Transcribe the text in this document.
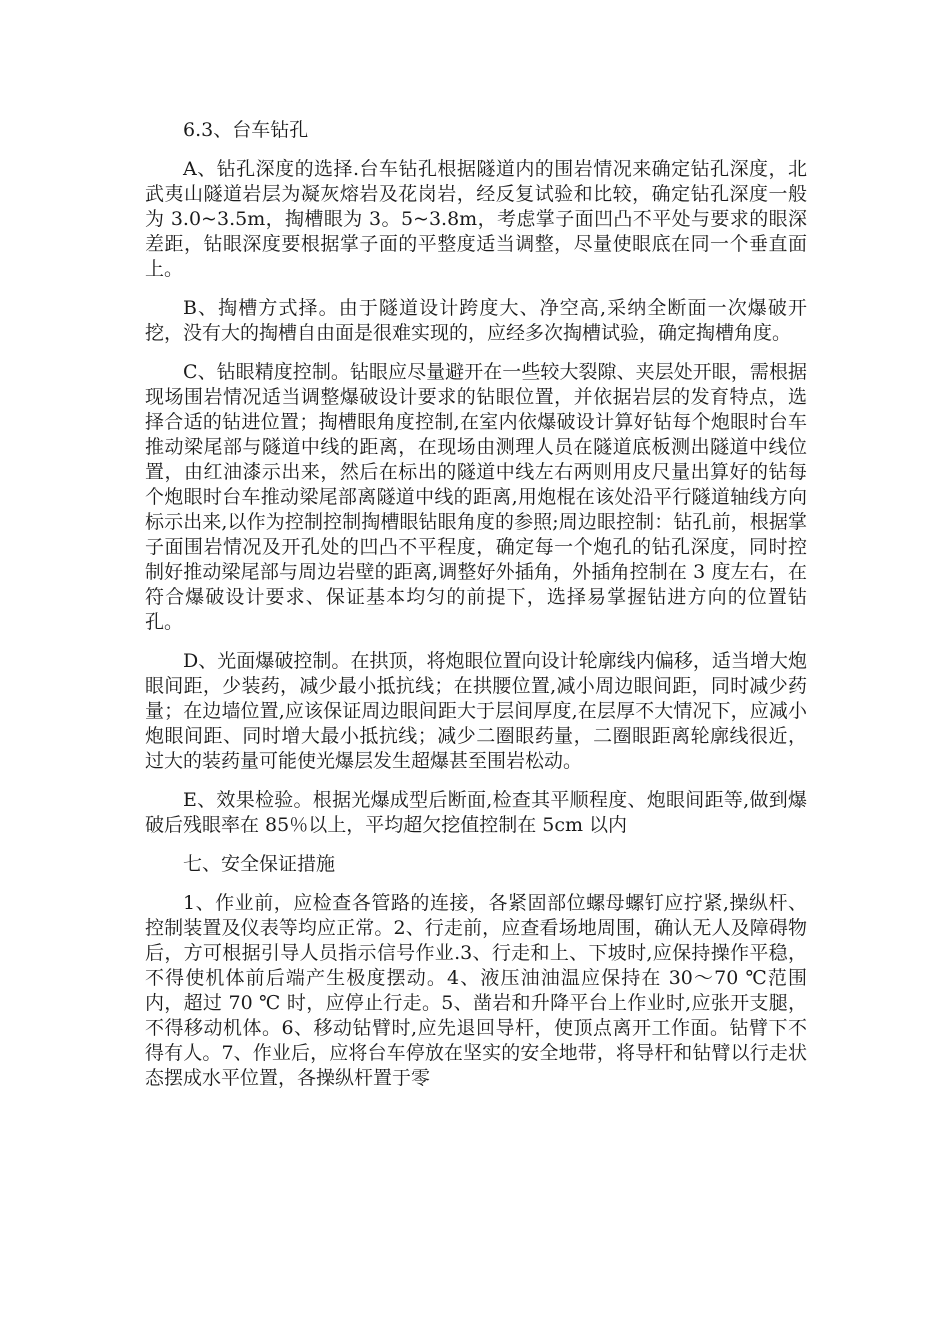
6.3、台车钻孔

A、钻孔深度的选择.台车钻孔根据隧道内的围岩情况来确定钻孔深度，北武夷山隧道岩层为凝灰熔岩及花岗岩，经反复试验和比较，确定钻孔深度一般为 3.0~3.5m，掏槽眼为 3。5~3.8m，考虑掌子面凹凸不平处与要求的眼深差距，钻眼深度要根据掌子面的平整度适当调整，尽量使眼底在同一个垂直面上。

B、掏槽方式择。由于隧道设计跨度大、净空高,采纳全断面一次爆破开挖，没有大的掏槽自由面是很难实现的，应经多次掏槽试验，确定掏槽角度。

C、钻眼精度控制。钻眼应尽量避开在一些较大裂隙、夹层处开眼，需根据现场围岩情况适当调整爆破设计要求的钻眼位置，并依据岩层的发育特点，选择合适的钻进位置；掏槽眼角度控制,在室内依爆破设计算好钻每个炮眼时台车推动梁尾部与隧道中线的距离，在现场由测理人员在隧道底板测出隧道中线位置，由红油漆示出来，然后在标出的隧道中线左右两则用皮尺量出算好的钻每个炮眼时台车推动梁尾部离隧道中线的距离,用炮棍在该处沿平行隧道轴线方向标示出来,以作为控制控制掏槽眼钻眼角度的参照;周边眼控制：钻孔前，根据掌子面围岩情况及开孔处的凹凸不平程度，确定每一个炮孔的钻孔深度，同时控制好推动梁尾部与周边岩壁的距离,调整好外插角，外插角控制在 3 度左右，在符合爆破设计要求、保证基本均匀的前提下，选择易掌握钻进方向的位置钻孔。

D、光面爆破控制。在拱顶，将炮眼位置向设计轮廓线内偏移，适当增大炮眼间距，少装药，减少最小抵抗线；在拱腰位置,减小周边眼间距，同时减少药量；在边墙位置,应该保证周边眼间距大于层间厚度,在层厚不大情况下，应减小炮眼间距、同时增大最小抵抗线；减少二圈眼药量，二圈眼距离轮廓线很近，过大的装药量可能使光爆层发生超爆甚至围岩松动。

E、效果检验。根据光爆成型后断面,检查其平顺程度、炮眼间距等,做到爆破后残眼率在 85％以上，平均超欠挖值控制在 5cm 以内

七、安全保证措施

1、作业前，应检查各管路的连接，各紧固部位螺母螺钉应拧紧,操纵杆、控制装置及仪表等均应正常。2、行走前，应查看场地周围，确认无人及障碍物后，方可根据引导人员指示信号作业.3、行走和上、下坡时,应保持操作平稳，不得使机体前后端产生极度摆动。4、液压油油温应保持在 30～70 ℃范围内，超过 70 ℃ 时，应停止行走。5、凿岩和升降平台上作业时,应张开支腿，不得移动机体。6、移动钻臂时,应先退回导杆，使顶点离开工作面。钻臂下不得有人。7、作业后，应将台车停放在坚实的安全地带，将导杆和钻臂以行走状态摆成水平位置，各操纵杆置于零
